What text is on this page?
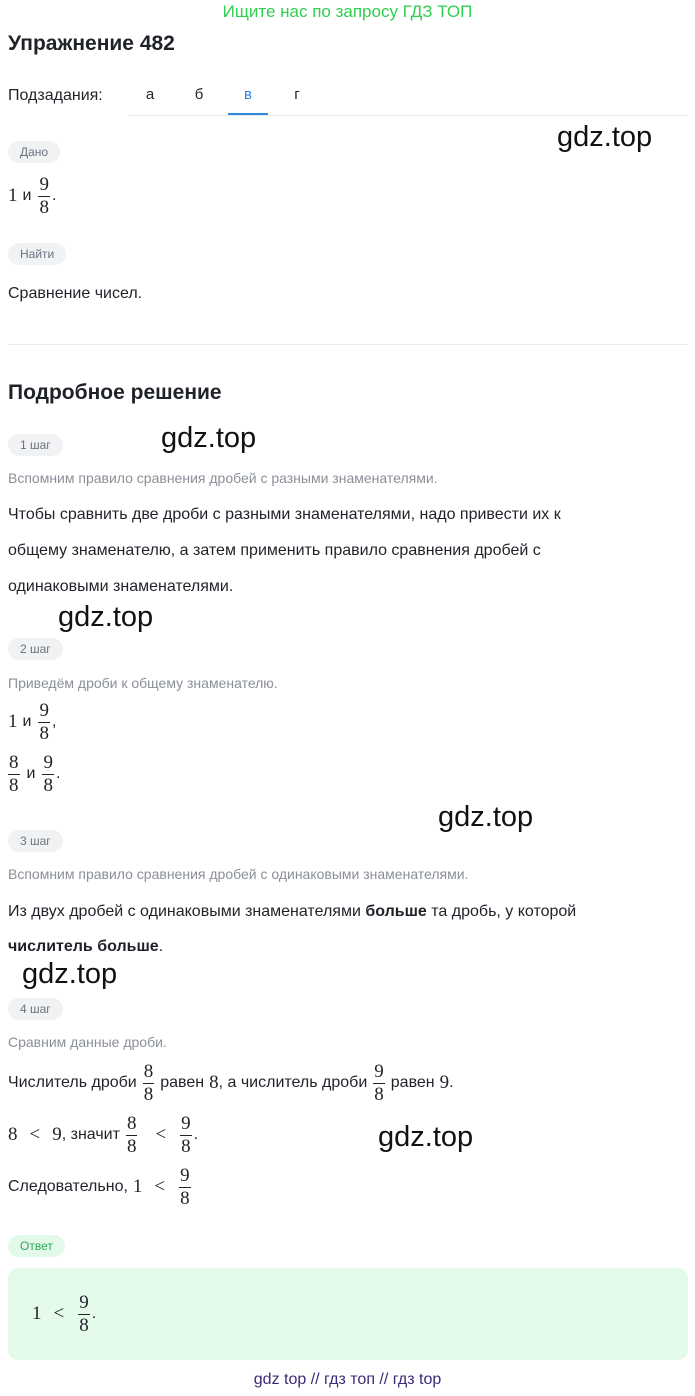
Ищите нас по запросу ГДЗ ТОП
Упражнение 482
Подзадания:	а	б	в	г
gdz.top
gdz.top
gdz.top
gdz.top
gdz.top
gdz.top
Дано
1 и $\frac{9}{8}$ .
Найти
Сравнение чисел.
Подробное решение
1 шаг
Вспомним правило сравнения дробей с разными знаменателями.
Чтобы сравнить две дроби с разными знаменателями, надо привести их к
общему знаменателю, а затем применить правило сравнения дробей с
одинаковыми знаменателями.
2 шаг
Приведём дроби к общему знаменателю.
1 и $\frac{9}{8}$ ,
$\frac{8}{8}$ и $\frac{9}{8}$ .
3 шаг
Вспомним правило сравнения дробей с одинаковыми знаменателями.
Из двух дробей с одинаковыми знаменателями больше та дробь, у которой
числитель больше.
4 шаг
Сравним данные дроби.
Числитель дроби $\frac{8}{8}$ равен 8 , а числитель дроби $\frac{9}{8}$ равен 9 .
8 < 9 , значит $\frac{8}{8} < \frac{9}{8}$ .
Следовательно, $1 < \frac{9}{8}$
Ответ
$1 < \frac{9}{8}$ .
gdz top // гдз топ // гдз top
